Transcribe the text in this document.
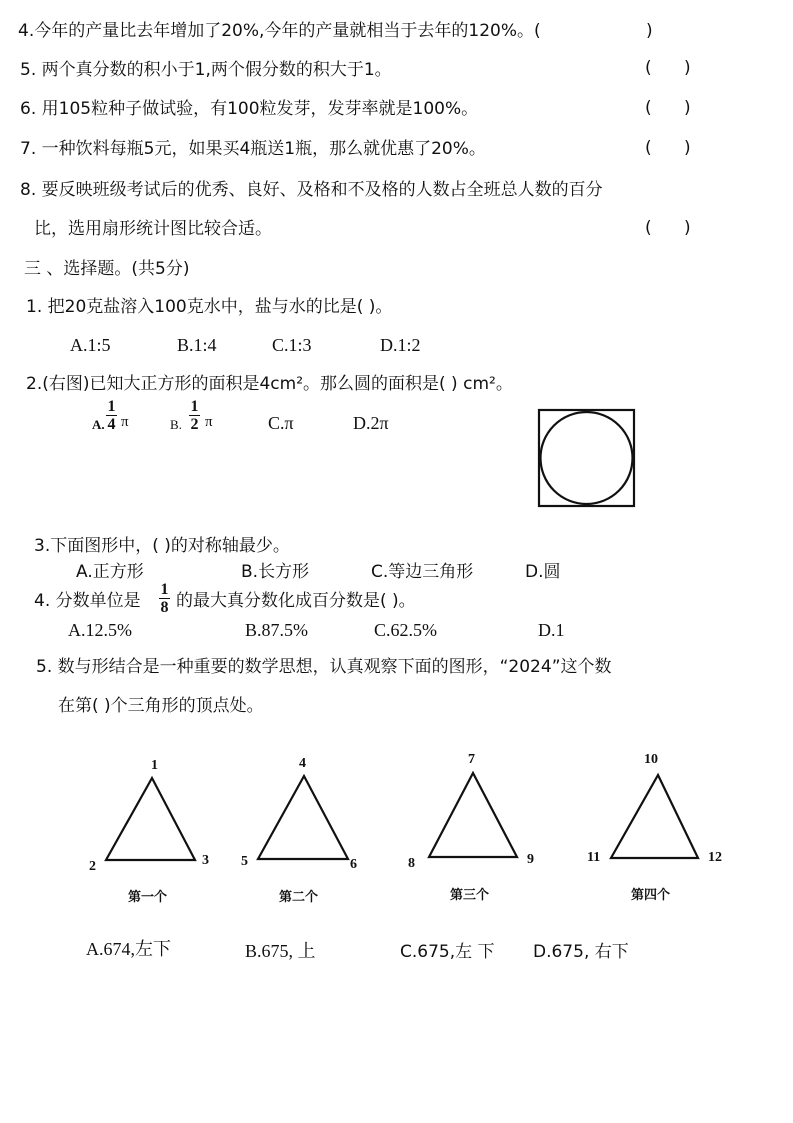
4.今年的产量比去年增加了20%,今年的产量就相当于去年的120%。(	)
5. 两个真分数的积小于1,两个假分数的积大于1。	(      )
6. 用105粒种子做试验，有100粒发芽，发芽率就是100%。	(      )
7. 一种饮料每瓶5元，如果买4瓶送1瓶，那么就优惠了20%。	(      )
8. 要反映班级考试后的优秀、良好、及格和不及格的人数占全班总人数的百分
比，选用扇形统计图比较合适。	(      )
三 、选择题。(共5分)
1. 把20克盐溶入100克水中，盐与水的比是( )。
A.1:5	B.1:4	C.1:3	D.1:2
2.(右图)已知大正方形的面积是4cm²。那么圆的面积是( ) cm²。
A.
1
4 π	B.
1
2 π	C.π	D.2π
3.下面图形中，( )的对称轴最少。
A.正方形	B.长方形	C.等边三角形	D.圆
4. 分数单位是
1
8 的最大真分数化成百分数是( )。
A.12.5%	B.87.5%	C.62.5%	D.1
5. 数与形结合是一种重要的数学思想，认真观察下面的图形，“2024”这个数
在第( )个三角形的顶点处。
1
2	3
第一个
4
5	6
第二个
7
8	9
第三个
10
11	12
第四个
A.674,左下	B.675, 上	C.675,左 下 D.675, 右下
